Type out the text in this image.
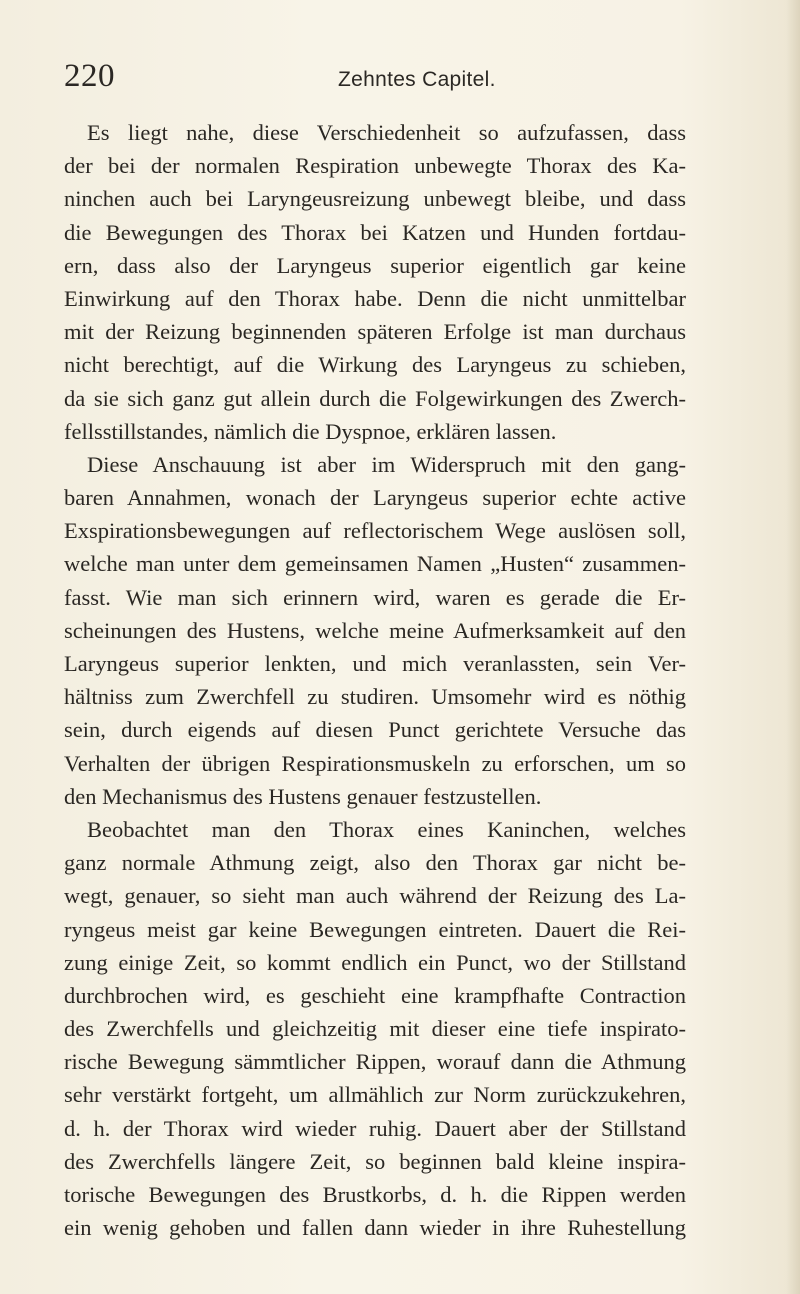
220	Zehntes Capitel.
Es liegt nahe, diese Verschiedenheit so aufzufassen, dass
der bei der normalen Respiration unbewegte Thorax des Ka-
ninchen auch bei Laryngeusreizung unbewegt bleibe, und dass
die Bewegungen des Thorax bei Katzen und Hunden fortdau-
ern, dass also der Laryngeus superior eigentlich gar keine
Einwirkung auf den Thorax habe. Denn die nicht unmittelbar
mit der Reizung beginnenden späteren Erfolge ist man durchaus
nicht berechtigt, auf die Wirkung des Laryngeus zu schieben,
da sie sich ganz gut allein durch die Folgewirkungen des Zwerch-
fellsstillstandes, nämlich die Dyspnoe, erklären lassen.
Diese Anschauung ist aber im Widerspruch mit den gang-
baren Annahmen, wonach der Laryngeus superior echte active
Exspirationsbewegungen auf reflectorischem Wege auslösen soll,
welche man unter dem gemeinsamen Namen „Husten“ zusammen-
fasst. Wie man sich erinnern wird, waren es gerade die Er-
scheinungen des Hustens, welche meine Aufmerksamkeit auf den
Laryngeus superior lenkten, und mich veranlassten, sein Ver-
hältniss zum Zwerchfell zu studiren. Umsomehr wird es nöthig
sein, durch eigends auf diesen Punct gerichtete Versuche das
Verhalten der übrigen Respirationsmuskeln zu erforschen, um so
den Mechanismus des Hustens genauer festzustellen.
Beobachtet man den Thorax eines Kaninchen, welches
ganz normale Athmung zeigt, also den Thorax gar nicht be-
wegt, genauer, so sieht man auch während der Reizung des La-
ryngeus meist gar keine Bewegungen eintreten. Dauert die Rei-
zung einige Zeit, so kommt endlich ein Punct, wo der Stillstand
durchbrochen wird, es geschieht eine krampfhafte Contraction
des Zwerchfells und gleichzeitig mit dieser eine tiefe inspirato-
rische Bewegung sämmtlicher Rippen, worauf dann die Athmung
sehr verstärkt fortgeht, um allmählich zur Norm zurückzukehren,
d. h. der Thorax wird wieder ruhig. Dauert aber der Stillstand
des Zwerchfells längere Zeit, so beginnen bald kleine inspira-
torische Bewegungen des Brustkorbs, d. h. die Rippen werden
ein wenig gehoben und fallen dann wieder in ihre Ruhestellung
